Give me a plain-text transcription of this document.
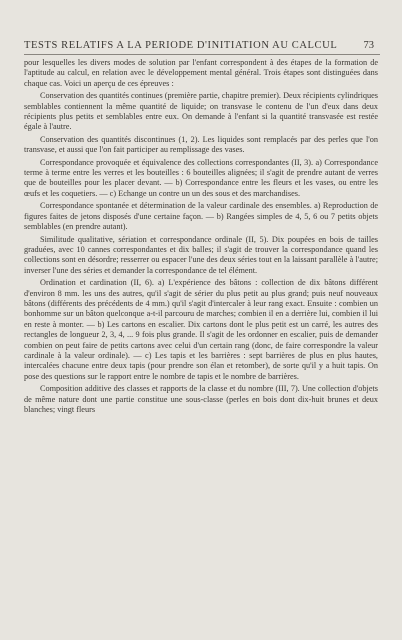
TESTS RELATIFS A LA PERIODE D'INITIATION AU CALCUL 73

pour lesquelles les divers modes de solution par l'enfant correspondent à des étapes de la formation de l'aptitude au calcul, en relation avec le développement mental général. Trois étapes sont distinguées dans chaque cas. Voici un aperçu de ces épreuves :

Conservation des quantités continues (première partie, chapitre premier). Deux récipients cylindriques semblables contiennent la même quantité de liquide; on transvase le contenu de l'un d'eux dans deux récipients plus petits et semblables entre eux. On demande à l'enfant si la quantité transvasée est restée égale à l'autre.

Conservation des quantités discontinues (1, 2). Les liquides sont remplacés par des perles que l'on transvase, et aussi que l'on fait participer au remplissage des vases.

Correspondance provoquée et équivalence des collections correspondantes (II, 3). a) Correspondance terme à terme entre les verres et les bouteilles : 6 bouteilles alignées; il s'agit de prendre autant de verres que de bouteilles pour les placer devant. — b) Correspondance entre les fleurs et les vases, ou entre les œufs et les coquetiers. — c) Echange un contre un un des sous et des marchandises.

Correspondance spontanée et détermination de la valeur cardinale des ensembles. a) Reproduction de figures faites de jetons disposés d'une certaine façon. — b) Rangées simples de 4, 5, 6 ou 7 petits objets semblables (en prendre autant).

Similitude qualitative, sériation et correspondance ordinale (II, 5). Dix poupées en bois de tailles graduées, avec 10 cannes correspondantes et dix balles; il s'agit de trouver la correspondance quand les collections sont en désordre; resserrer ou espacer l'une des deux séries tout en la laissant parallèle à l'autre; inverser l'une des séries et demander la correspondance de tel élément.

Ordination et cardination (II, 6). a) L'expérience des bâtons : collection de dix bâtons différent d'environ 8 mm. les uns des autres, qu'il s'agit de sérier du plus petit au plus grand; puis neuf nouveaux bâtons (différents des précédents de 4 mm.) qu'il s'agit d'intercaler à leur rang exact. Ensuite : combien un bonhomme sur un bâton quelconque a-t-il parcouru de marches; combien il en a derrière lui, combien il lui en reste à monter. — b) Les cartons en escalier. Dix cartons dont le plus petit est un carré, les autres des rectangles de longueur 2, 3, 4, ... 9 fois plus grande. Il s'agit de les ordonner en escalier, puis de demander combien on peut faire de petits cartons avec celui d'un certain rang (donc, de faire correspondre la valeur cardinale à la valeur ordinale). — c) Les tapis et les barrières : sept barrières de plus en plus hautes, intercalées chacune entre deux tapis (pour prendre son élan et retomber), de sorte qu'il y a huit tapis. On pose des questions sur le rapport entre le nombre de tapis et le nombre de barrières.

Composition additive des classes et rapports de la classe et du nombre (III, 7). Une collection d'objets de même nature dont une partie constitue une sous-classe (perles en bois dont dix-huit brunes et deux blanches; vingt fleurs
